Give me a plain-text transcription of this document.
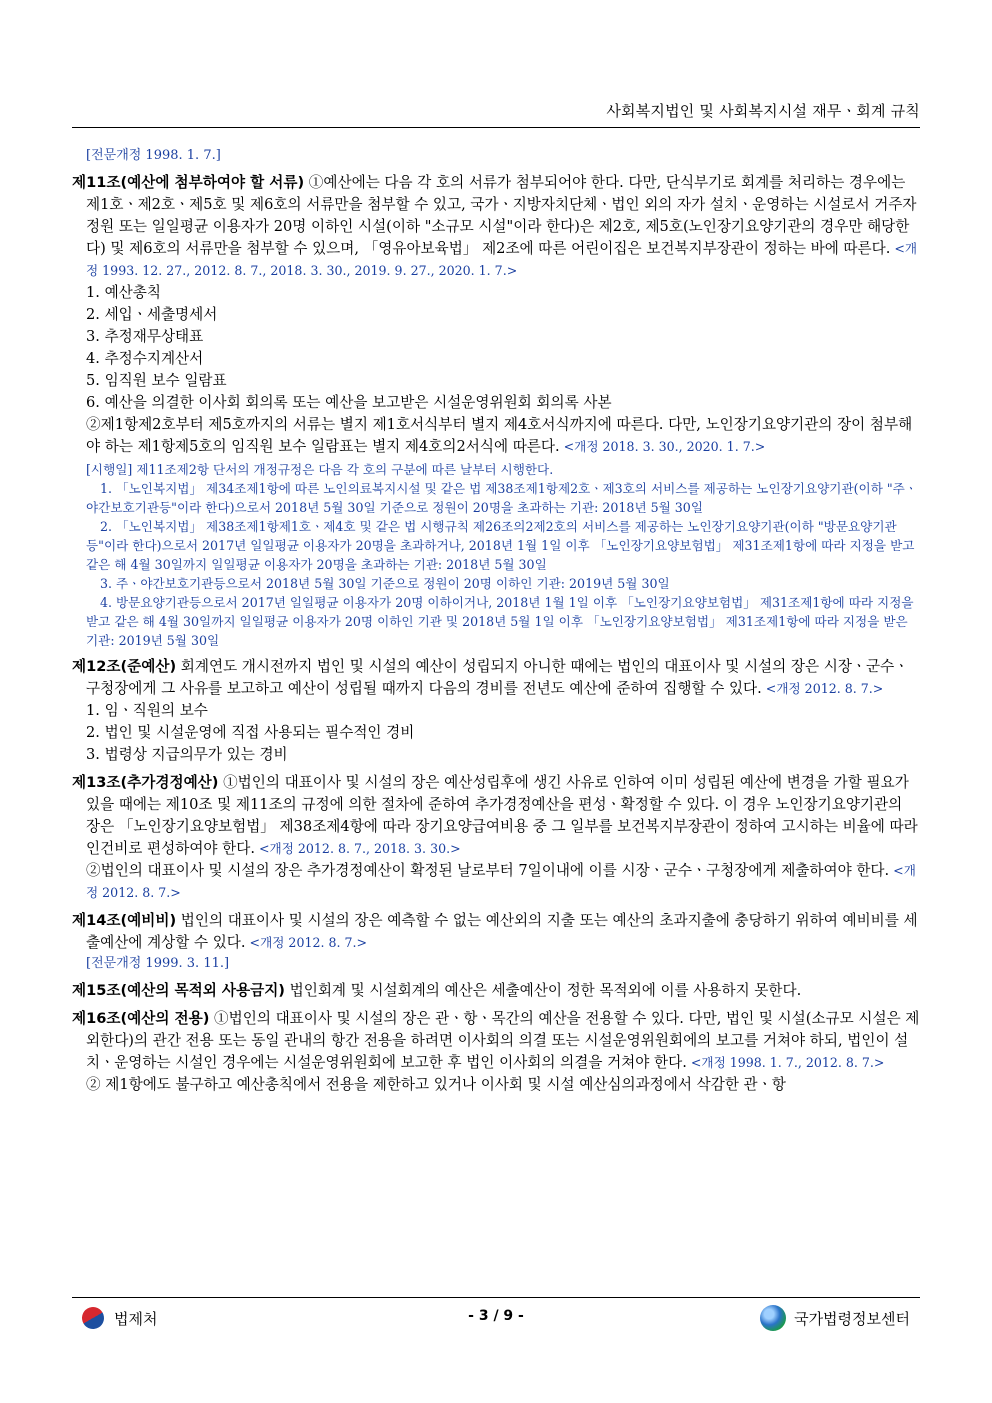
사회복지법인 및 사회복지시설 재무ㆍ회계 규칙
[전문개정 1998. 1. 7.]

제11조(예산에 첨부하여야 할 서류) ①예산에는 다음 각 호의 서류가 첨부되어야 한다. 다만, 단식부기로 회계를 처리하는 경우에는 제1호ㆍ제2호ㆍ제5호 및 제6호의 서류만을 첨부할 수 있고, 국가ㆍ지방자치단체ㆍ법인 외의 자가 설치ㆍ운영하는 시설로서 거주자 정원 또는 일일평균 이용자가 20명 이하인 시설(이하 "소규모 시설"이라 한다)은 제2호, 제5호(노인장기요양기관의 경우만 해당한다) 및 제6호의 서류만을 첨부할 수 있으며, 「영유아보육법」 제2조에 따른 어린이집은 보건복지부장관이 정하는 바에 따른다. <개정 1993. 12. 27., 2012. 8. 7., 2018. 3. 30., 2019. 9. 27., 2020. 1. 7.>

1. 예산총칙

2. 세입ㆍ세출명세서

3. 추정재무상태표

4. 추정수지계산서

5. 임직원 보수 일람표

6. 예산을 의결한 이사회 회의록 또는 예산을 보고받은 시설운영위원회 회의록 사본

②제1항제2호부터 제5호까지의 서류는 별지 제1호서식부터 별지 제4호서식까지에 따른다. 다만, 노인장기요양기관의 장이 첨부해야 하는 제1항제5호의 임직원 보수 일람표는 별지 제4호의2서식에 따른다. <개정 2018. 3. 30., 2020. 1. 7.>

[시행일] 제11조제2항 단서의 개정규정은 다음 각 호의 구분에 따른 날부터 시행한다.

1. 「노인복지법」 제34조제1항에 따른 노인의료복지시설 및 같은 법 제38조제1항제2호ㆍ제3호의 서비스를 제공하는 노인장기요양기관(이하 "주ㆍ야간보호기관등"이라 한다)으로서 2018년 5월 30일 기준으로 정원이 20명을 초과하는 기관: 2018년 5월 30일

2. 「노인복지법」 제38조제1항제1호ㆍ제4호 및 같은 법 시행규칙 제26조의2제2호의 서비스를 제공하는 노인장기요양기관(이하 "방문요양기관등"이라 한다)으로서 2017년 일일평균 이용자가 20명을 초과하거나, 2018년 1월 1일 이후 「노인장기요양보험법」 제31조제1항에 따라 지정을 받고 같은 해 4월 30일까지 일일평균 이용자가 20명을 초과하는 기관: 2018년 5월 30일

3. 주ㆍ야간보호기관등으로서 2018년 5월 30일 기준으로 정원이 20명 이하인 기관: 2019년 5월 30일

4. 방문요양기관등으로서 2017년 일일평균 이용자가 20명 이하이거나, 2018년 1월 1일 이후 「노인장기요양보험법」 제31조제1항에 따라 지정을 받고 같은 해 4월 30일까지 일일평균 이용자가 20명 이하인 기관 및 2018년 5월 1일 이후 「노인장기요양보험법」 제31조제1항에 따라 지정을 받은 기관: 2019년 5월 30일

제12조(준예산) 회계연도 개시전까지 법인 및 시설의 예산이 성립되지 아니한 때에는 법인의 대표이사 및 시설의 장은 시장ㆍ군수ㆍ구청장에게 그 사유를 보고하고 예산이 성립될 때까지 다음의 경비를 전년도 예산에 준하여 집행할 수 있다. <개정 2012. 8. 7.>

1. 임ㆍ직원의 보수

2. 법인 및 시설운영에 직접 사용되는 필수적인 경비

3. 법령상 지급의무가 있는 경비

제13조(추가경정예산) ①법인의 대표이사 및 시설의 장은 예산성립후에 생긴 사유로 인하여 이미 성립된 예산에 변경을 가할 필요가 있을 때에는 제10조 및 제11조의 규정에 의한 절차에 준하여 추가경정예산을 편성ㆍ확정할 수 있다. 이 경우 노인장기요양기관의 장은 「노인장기요양보험법」 제38조제4항에 따라 장기요양급여비용 중 그 일부를 보건복지부장관이 정하여 고시하는 비율에 따라 인건비로 편성하여야 한다. <개정 2012. 8. 7., 2018. 3. 30.>

②법인의 대표이사 및 시설의 장은 추가경정예산이 확정된 날로부터 7일이내에 이를 시장ㆍ군수ㆍ구청장에게 제출하여야 한다. <개정 2012. 8. 7.>

제14조(예비비) 법인의 대표이사 및 시설의 장은 예측할 수 없는 예산외의 지출 또는 예산의 초과지출에 충당하기 위하여 예비비를 세출예산에 계상할 수 있다. <개정 2012. 8. 7.>

[전문개정 1999. 3. 11.]

제15조(예산의 목적외 사용금지) 법인회계 및 시설회계의 예산은 세출예산이 정한 목적외에 이를 사용하지 못한다.

제16조(예산의 전용) ①법인의 대표이사 및 시설의 장은 관ㆍ항ㆍ목간의 예산을 전용할 수 있다. 다만, 법인 및 시설(소규모 시설은 제외한다)의 관간 전용 또는 동일 관내의 항간 전용을 하려면 이사회의 의결 또는 시설운영위원회에의 보고를 거쳐야 하되, 법인이 설치ㆍ운영하는 시설인 경우에는 시설운영위원회에 보고한 후 법인 이사회의 의결을 거쳐야 한다. <개정 1998. 1. 7., 2012. 8. 7.>

② 제1항에도 불구하고 예산총칙에서 전용을 제한하고 있거나 이사회 및 시설 예산심의과정에서 삭감한 관ㆍ항

법제처	- 3 / 9 -	국가법령정보센터
